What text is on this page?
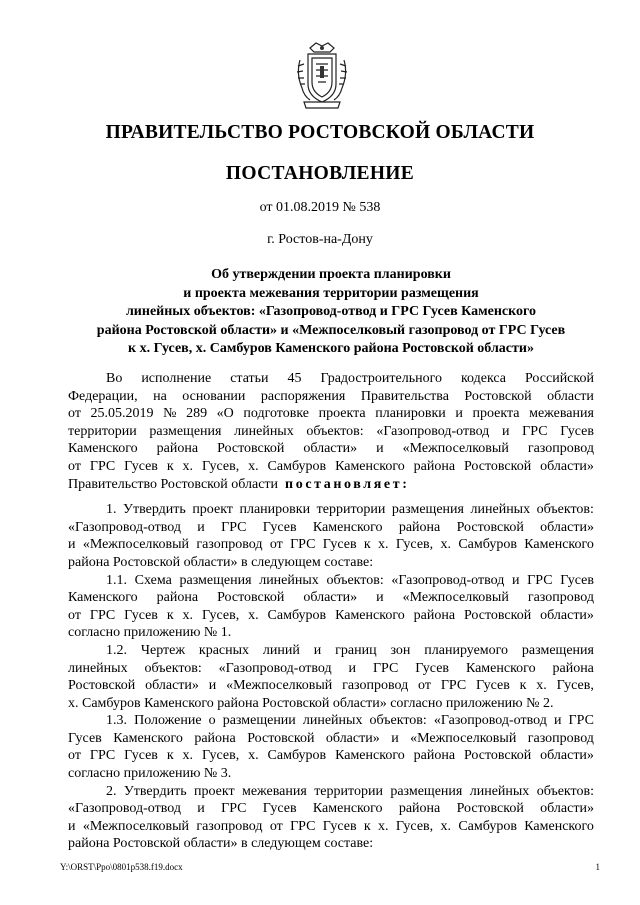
ПРАВИТЕЛЬСТВО РОСТОВСКОЙ ОБЛАСТИ
ПОСТАНОВЛЕНИЕ
от 01.08.2019 № 538
г. Ростов-на-Дону
Об утверждении проекта планировки
и проекта межевания территории размещения
линейных объектов: «Газопровод-отвод и ГРС Гусев Каменского
района Ростовской области» и «Межпоселковый газопровод от ГРС Гусев
к х. Гусев, х. Самбуров Каменского района Ростовской области»
Во исполнение статьи 45 Градостроительного кодекса Российской
Федерации, на основании распоряжения Правительства Ростовской области
от 25.05.2019 № 289 «О подготовке проекта планировки и проекта межевания
территории размещения линейных объектов: «Газопровод-отвод и ГРС Гусев
Каменского района Ростовской области» и «Межпоселковый газопровод
от ГРС Гусев к х. Гусев, х. Самбуров Каменского района Ростовской области»
Правительство Ростовской области
постановляет:
1. Утвердить проект планировки территории размещения линейных объектов:
«Газопровод-отвод и ГРС Гусев Каменского района Ростовской области»
и «Межпоселковый газопровод от ГРС Гусев к х. Гусев, х. Самбуров Каменского
района Ростовской области» в следующем составе:
1.1. Схема размещения линейных объектов: «Газопровод-отвод и ГРС Гусев
Каменского района Ростовской области» и «Межпоселковый газопровод
от ГРС Гусев к х. Гусев, х. Самбуров Каменского района Ростовской области»
согласно приложению № 1.
1.2. Чертеж красных линий и границ зон планируемого размещения
линейных объектов: «Газопровод-отвод и ГРС Гусев Каменского района
Ростовской области» и «Межпоселковый газопровод от ГРС Гусев к х. Гусев,
х. Самбуров Каменского района Ростовской области» согласно приложению № 2.
1.3. Положение о размещении линейных объектов: «Газопровод-отвод и ГРС
Гусев Каменского района Ростовской области» и «Межпоселковый газопровод
от ГРС Гусев к х. Гусев, х. Самбуров Каменского района Ростовской области»
согласно приложению № 3.
2. Утвердить проект межевания территории размещения линейных объектов:
«Газопровод-отвод и ГРС Гусев Каменского района Ростовской области»
и «Межпоселковый газопровод от ГРС Гусев к х. Гусев, х. Самбуров Каменского
района Ростовской области» в следующем составе:
Y:\ORST\Ppo\0801p538.f19.docx	1
